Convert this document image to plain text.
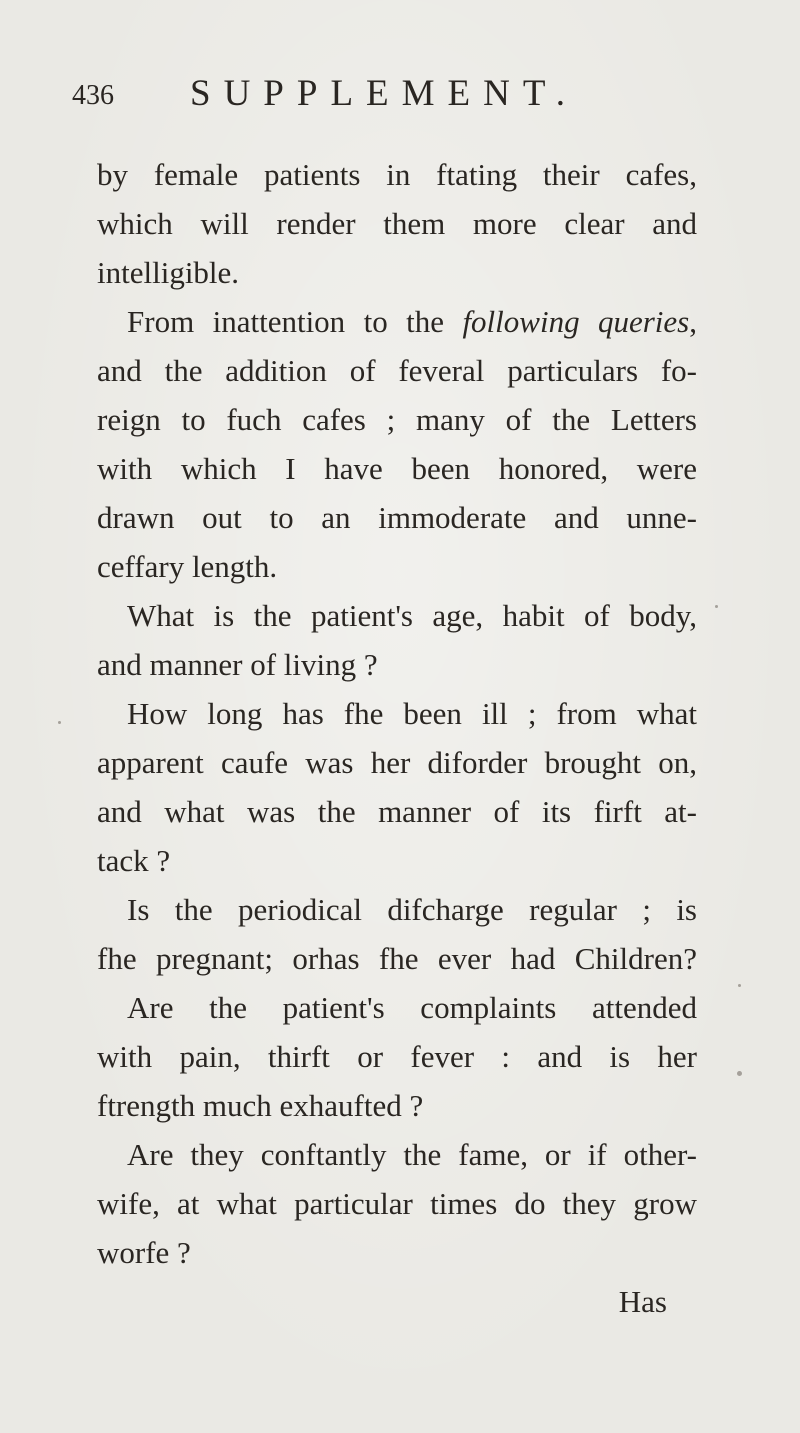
436 SUPPLEMENT.
by female patients in ftating their cafes,
which will render them more clear and
intelligible.
From inattention to the following queries,
and the addition of feveral particulars fo-
reign to fuch cafes ; many of the Letters
with which I have been honored, were
drawn out to an immoderate and unne-
ceffary length.
What is the patient's age, habit of body,
and manner of living ?
How long has fhe been ill ; from what
apparent caufe was her diforder brought on,
and what was the manner of its firft at-
tack ?
Is the periodical difcharge regular ; is
fhe pregnant; orhas fhe ever had Children?
Are the patient's complaints attended
with pain, thirft or fever : and is her
ftrength much exhaufted ?
Are they conftantly the fame, or if other-
wife, at what particular times do they grow
worfe ?
Has
